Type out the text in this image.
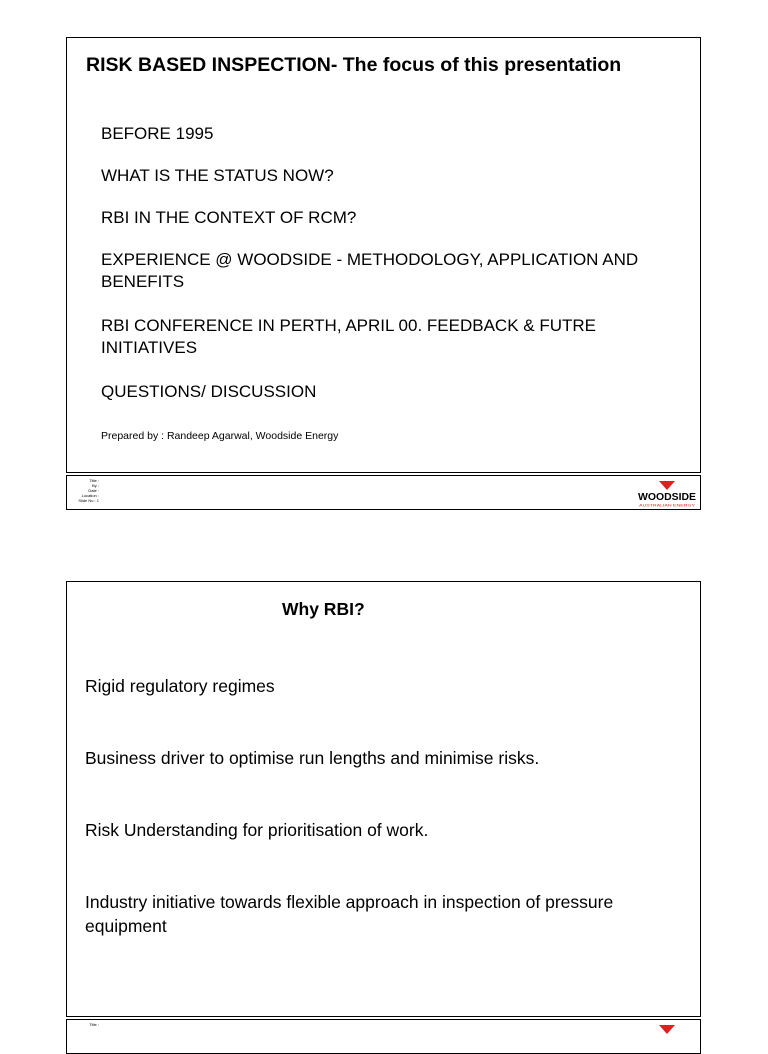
RISK BASED INSPECTION- The focus of this presentation
BEFORE 1995
WHAT IS THE STATUS NOW?
RBI IN THE CONTEXT OF RCM?
EXPERIENCE @ WOODSIDE - METHODOLOGY, APPLICATION AND BENEFITS
RBI CONFERENCE IN PERTH, APRIL 00. FEEDBACK & FUTRE INITIATIVES
QUESTIONS/ DISCUSSION
Prepared by : Randeep Agarwal, Woodside Energy
Title :
By :
Date :
Location :
Slide No : 1	WOODSIDE
AUSTRALIAN ENERGY
Why RBI?
Rigid regulatory regimes
Business driver to optimise run lengths and minimise risks.
Risk Understanding for prioritisation of work.
Industry initiative towards flexible approach in inspection of pressure equipment
Title :
